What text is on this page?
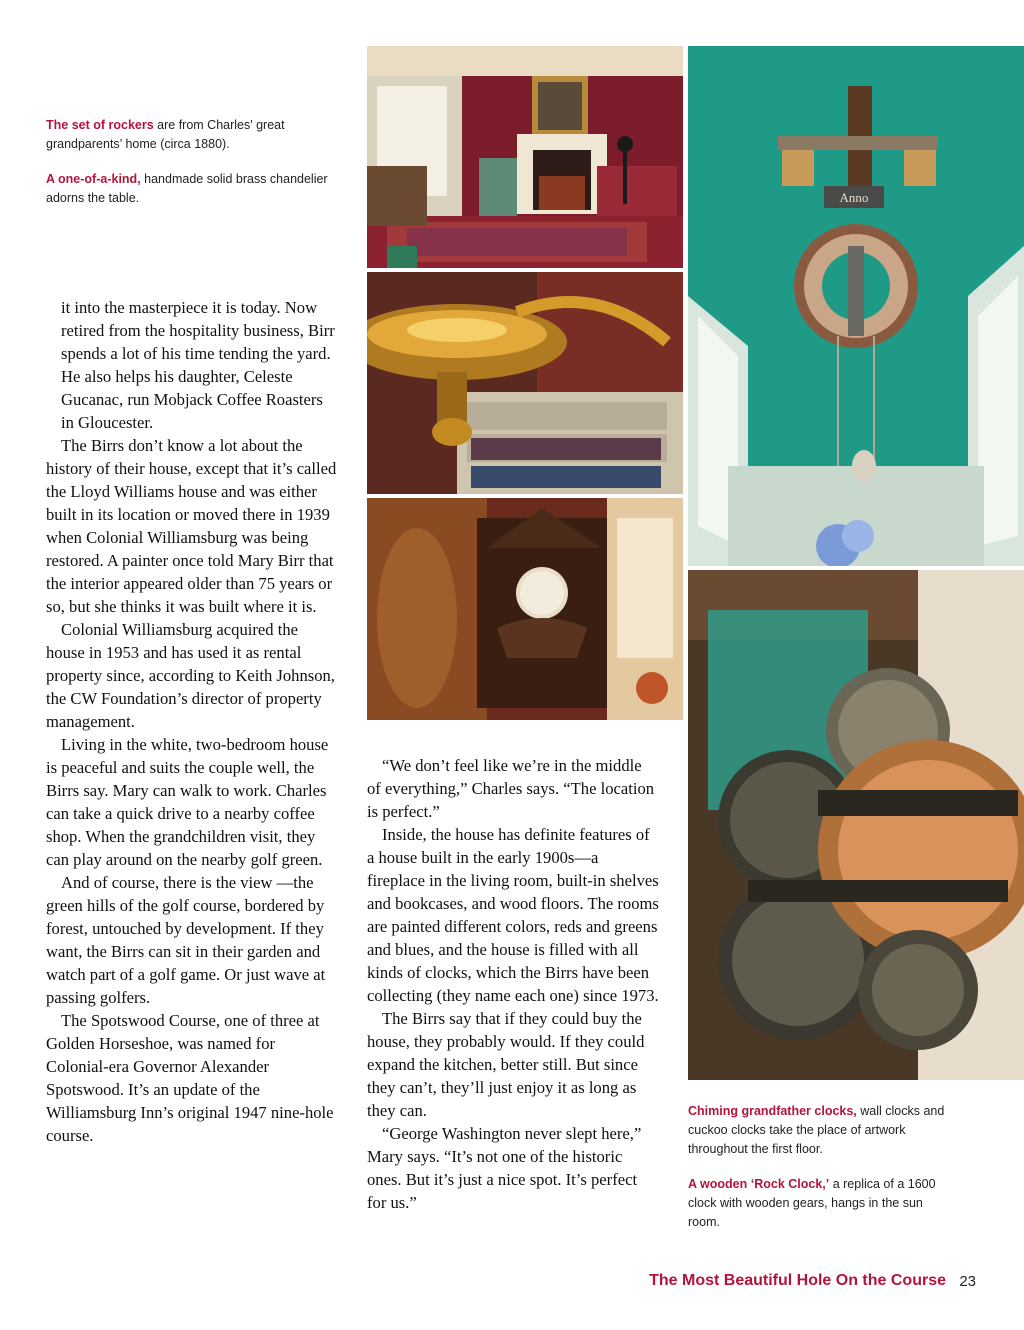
The set of rockers are from Charles' great grandparents’ home (circa 1880).

A one-of-a-kind, handmade solid brass chandelier adorns the table.	Anno

it into the masterpiece it is today. Now retired from the hospitality business, Birr spends a lot of his time tending the yard. He also helps his daughter, Celeste Gucanac, run Mobjack Coffee Roasters in Gloucester.

The Birrs don’t know a lot about the history of their house, except that it’s called the Lloyd Williams house and was either built in its location or moved there in 1939 when Colonial Williamsburg was being restored. A painter once told Mary Birr that the interior appeared older than 75 years or so, but she thinks it was built where it is.

Colonial Williamsburg acquired the house in 1953 and has used it as rental property since, according to Keith Johnson, the CW Foundation’s director of property management.

Living in the white, two-bedroom house is peaceful and suits the couple well, the Birrs say. Mary can walk to work. Charles can take a quick drive to a nearby coffee shop. When the grandchildren visit, they can play around on the nearby golf green.

And of course, there is the view —the green hills of the golf course, bordered by forest, untouched by development. If they want, the Birrs can sit in their garden and watch part of a golf game. Or just wave at passing golfers.

The Spotswood Course, one of three at Golden Horseshoe, was named for Colonial-era Governor Alexander Spotswood. It’s an update of the Williamsburg Inn’s original 1947 nine-hole course.

“We don’t feel like we’re in the middle of everything,” Charles says. “The location is perfect.”

Inside, the house has definite features of a house built in the early 1900s—a fireplace in the living room, built-in shelves and bookcases, and wood floors. The rooms are painted different colors, reds and greens and blues, and the house is filled with all kinds of clocks, which the Birrs have been collecting (they name each one) since 1973.

The Birrs say that if they could buy the house, they probably would. If they could expand the kitchen, better still. But since they can’t, they’ll just enjoy it as long as they can.

“George Washington never slept here,” Mary says. “It’s not one of the historic ones. But it’s just a nice spot. It’s perfect for us.”

Chiming grandfather clocks, wall clocks and cuckoo clocks take the place of artwork throughout the first floor.

A wooden ‘Rock Clock,’ a replica of a 1600 clock with wooden gears, hangs in the sun room.

The Most Beautiful Hole On the Course 23
